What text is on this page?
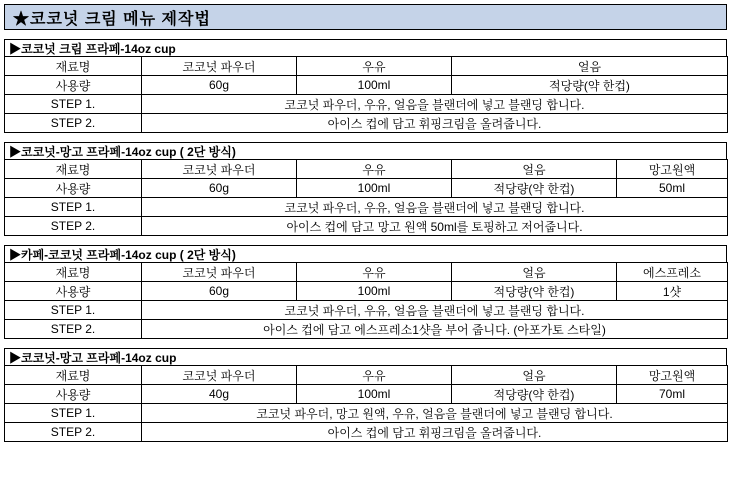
★코코넛 크림 메뉴 제작법
▶코코넛 크림 프라페-14oz cup
재료명	코코넛 파우더	우유	얼음
사용량	60g	100ml	적당량(약 한컵)
STEP 1.	코코넛 파우더, 우유, 얼음을 블랜더에 넣고 블랜딩 합니다.		
STEP 2.	아이스 컵에 담고 휘핑크림을 올려줍니다.		
▶코코넛-망고 프라페-14oz cup ( 2단 방식)
재료명	코코넛 파우더	우유	얼음	망고원액
사용량	60g	100ml	적당량(약 한컵)	50ml
STEP 1.	코코넛 파우더, 우유, 얼음을 블랜더에 넣고 블랜딩 합니다.			
STEP 2.	아이스 컵에 담고 망고 원액 50ml를 토핑하고 저어줍니다.			
▶카페-코코넛 프라페-14oz cup ( 2단 방식)
재료명	코코넛 파우더	우유	얼음	에스프레소
사용량	60g	100ml	적당량(약 한컵)	1샷
STEP 1.	코코넛 파우더, 우유, 얼음을 블랜더에 넣고 블랜딩 합니다.			
STEP 2.	아이스 컵에 담고 에스프레소1샷을 부어 줍니다. (아포가토 스타일)			
▶코코넛-망고 프라페-14oz cup
재료명	코코넛 파우더	우유	얼음	망고원액
사용량	40g	100ml	적당량(약 한컵)	70ml
STEP 1.	코코넛 파우더, 망고 원액, 우유, 얼음을 블랜더에 넣고 블랜딩 합니다.			
STEP 2.	아이스 컵에 담고 휘핑크림을 올려줍니다.			
